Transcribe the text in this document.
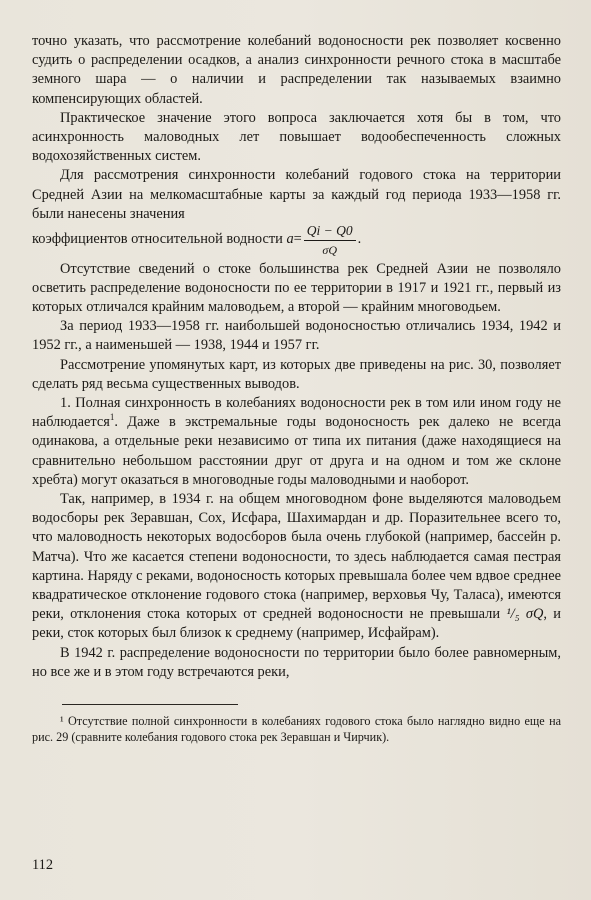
точно указать, что рассмотрение колебаний водоносности рек позволяет косвенно судить о распределении осадков, а анализ синхронности речного стока в масштабе земного шара — о наличии и распределении так называемых взаимно компенсирующих областей.

Практическое значение этого вопроса заключается хотя бы в том, что асинхронность маловодных лет повышает водообеспеченность сложных водохозяйственных систем.

Для рассмотрения синхронности колебаний годового стока на территории Средней Азии на мелкомасштабные карты за каждый год периода 1933—1958 гг. были нанесены значения

коэффициентов относительной водности $a= \frac{Qi - Q0}{\sigma Q}$ .

Отсутствие сведений о стоке большинства рек Средней Азии не позволяло осветить распределение водоносности по ее территории в 1917 и 1921 гг., первый из которых отличался крайним маловодьем, а второй — крайним многоводьем.

За период 1933—1958 гг. наибольшей водоносностью отличались 1934, 1942 и 1952 гг., а наименьшей — 1938, 1944 и 1957 гг.

Рассмотрение упомянутых карт, из которых две приведены на рис. 30, позволяет сделать ряд весьма существенных выводов.

1. Полная синхронность в колебаниях водоносности рек в том или ином году не наблюдается$^1$. Даже в экстремальные годы водоносность рек далеко не всегда одинакова, а отдельные реки независимо от типа их питания (даже находящиеся на сравнительно небольшом расстоянии друг от друга и на одном и том же склоне хребта) могут оказаться в многоводные годы маловодными и наоборот.

Так, например, в 1934 г. на общем многоводном фоне выделяются маловодьем водосборы рек Зеравшан, Сох, Исфара, Шахимардан и др. Поразительнее всего то, что маловодность некоторых водосборов была очень глубокой (например, бассейн р. Матча). Что же касается степени водоносности, то здесь наблюдается самая пестрая картина. Наряду с реками, водоносность которых превышала более чем вдвое среднее квадратическое отклонение годового стока (например, верховья Чу, Таласа), имеются реки, отклонения стока которых от средней водоносности не превышали ¹/₅ σQ, и реки, сток которых был близок к среднему (например, Исфайрам).

В 1942 г. распределение водоносности по территории было более равномерным, но все же и в этом году встречаются реки,

¹ Отсутствие полной синхронности в колебаниях годового стока было наглядно видно еще на рис. 29 (сравните колебания годового стока рек Зеравшан и Чирчик).

112
